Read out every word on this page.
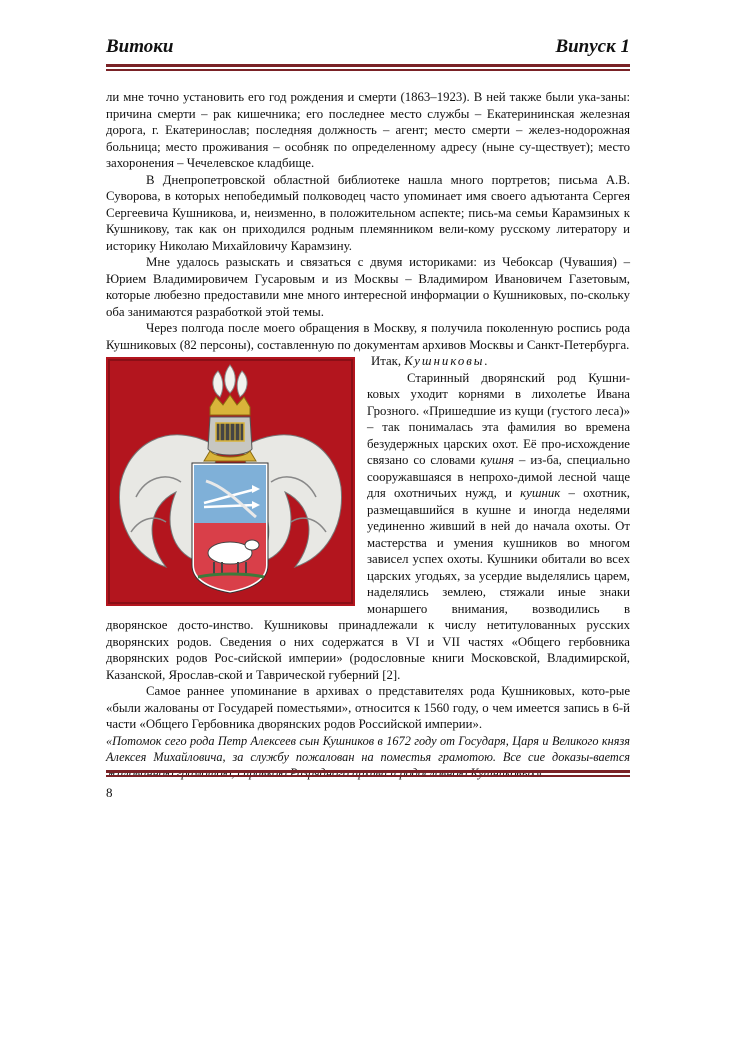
Витоки	Випуск 1

ли мне точно установить его год рождения и смерти (1863–1923). В ней также были ука-заны: причина смерти – рак кишечника; его последнее место службы – Екатерининская железная дорога, г. Екатеринослав; последняя должность – агент; место смерти – желез-нодорожная больница; место проживания – особняк по определенному адресу (ныне су-ществует); место захоронения – Чечелевское кладбище.

В Днепропетровской областной библиотеке нашла много портретов; письма А.В. Суворова, в которых непобедимый полководец часто упоминает имя своего адъютанта Сергея Сергеевича Кушникова, и, неизменно, в положительном аспекте; пись-ма семьи Карамзиных к Кушникову, так как он приходился родным племянником вели-кому русскому литератору и историку Николаю Михайловичу Карамзину.

Мне удалось разыскать и связаться с двумя историками: из Чебоксар (Чувашия) – Юрием Владимировичем Гусаровым и из Москвы – Владимиром Ивановичем Газетовым, которые любезно предоставили мне много интересной информации о Кушниковых, по-скольку оба занимаются разработкой этой темы.

Через полгода после моего обращения в Москву, я получила поколенную роспись рода Кушниковых (82 персоны), составленную по документам архивов Москвы и Санкт-Петербурга.

Итак, Кушниковы.

Старинный дворянский род Кушни-ковых уходит корнями в лихолетье Ивана Грозного. «Пришедшие из кущи (густого леса)» – так понималась эта фамилия во времена безудержных царских охот. Её про-исхождение связано со словами кушня – из-ба, специально сооружавшаяся в непрохо-димой лесной чаще для охотничьих нужд, и кушник – охотник, размещавшийся в кушне и иногда неделями уединенно живший в ней до начала охоты. От мастерства и умения кушников во многом зависел успех охоты. Кушники обитали во всех царских угодьях, за усердие выделялись царем, наделялись землею, стяжали иные знаки монаршего внимания, возводились в дворянское досто-инство. Кушниковы принадлежали к числу нетитулованных русских дворянских родов. Сведения о них содержатся в VI и VII частях «Общего гербовника дворянских родов Рос-сийской империи» (родословные книги Московской, Владимирской, Казанской, Ярослав-ской и Таврической губерний [2].

Самое раннее упоминание в архивах о представителях рода Кушниковых, кото-рые «были жалованы от Государей поместьями», относится к 1560 году, о чем имеется запись в 6-й части «Общего Гербовника дворянских родов Российской империи».

«Потомок сего рода Петр Алексеев сын Кушников в 1672 году от Государя, Царя и Великого князя Алексея Михайловича, за службу пожалован на поместья грамотою. Все сие доказы-вается

8
